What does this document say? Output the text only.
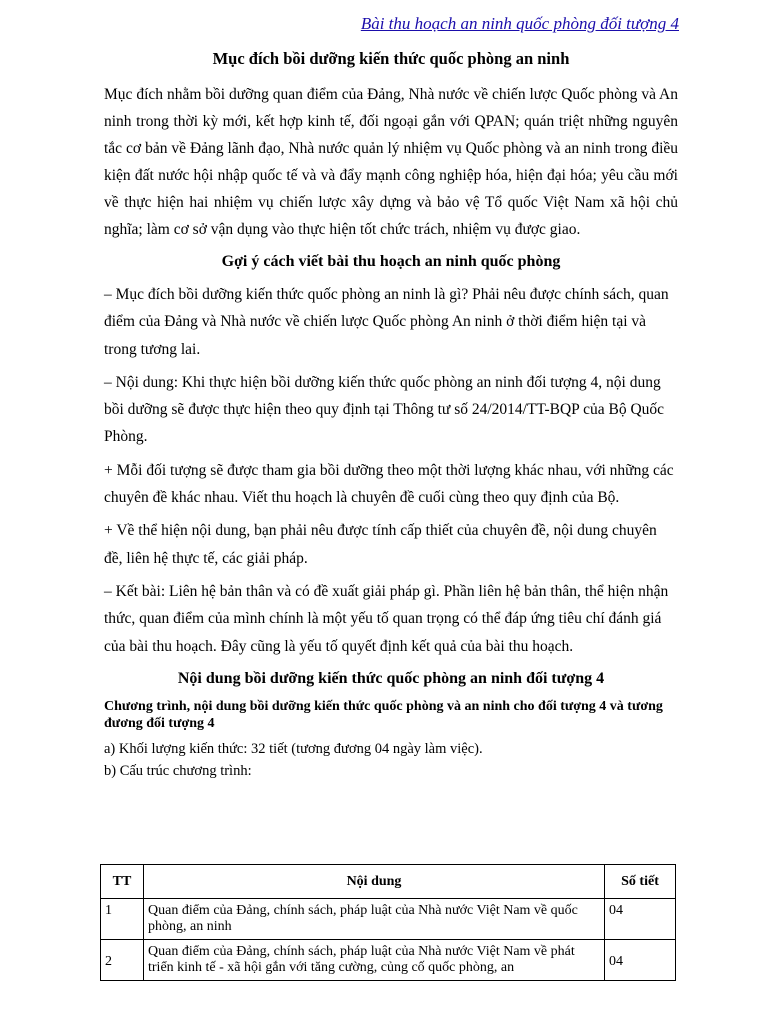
Bài thu hoạch an ninh quốc phòng đối tượng 4
Mục đích bồi dưỡng kiến thức quốc phòng an ninh

Mục đích nhằm bồi dưỡng quan điểm của Đảng, Nhà nước về chiến lược Quốc phòng và An ninh trong thời kỳ mới, kết hợp kinh tế, đối ngoại gắn với QPAN; quán triệt những nguyên tắc cơ bản về Đảng lãnh đạo, Nhà nước quản lý nhiệm vụ Quốc phòng và an ninh trong điều kiện đất nước hội nhập quốc tế và và đẩy mạnh công nghiệp hóa, hiện đại hóa; yêu cầu mới về thực hiện hai nhiệm vụ chiến lược xây dựng và bảo vệ Tổ quốc Việt Nam xã hội chủ nghĩa; làm cơ sở vận dụng vào thực hiện tốt chức trách, nhiệm vụ được giao.

Gợi ý cách viết bài thu hoạch an ninh quốc phòng

– Mục đích bồi dưỡng kiến thức quốc phòng an ninh là gì? Phải nêu được chính sách, quan điểm của Đảng và Nhà nước về chiến lược Quốc phòng An ninh ở thời điểm hiện tại và trong tương lai.

– Nội dung: Khi thực hiện bồi dưỡng kiến thức quốc phòng an ninh đối tượng 4, nội dung bồi dưỡng sẽ được thực hiện theo quy định tại Thông tư số 24/2014/TT-BQP của Bộ Quốc Phòng.

+ Mỗi đối tượng sẽ được tham gia bồi dưỡng theo một thời lượng khác nhau, với những các chuyên đề khác nhau. Viết thu hoạch là chuyên đề cuối cùng theo quy định của Bộ.

+ Về thể hiện nội dung, bạn phải nêu được tính cấp thiết của chuyên đề, nội dung chuyên đề, liên hệ thực tế, các giải pháp.

– Kết bài: Liên hệ bản thân và có đề xuất giải pháp gì. Phần liên hệ bản thân, thể hiện nhận thức, quan điểm của mình chính là một yếu tố quan trọng có thể đáp ứng tiêu chí đánh giá của bài thu hoạch. Đây cũng là yếu tố quyết định kết quả của bài thu hoạch.

Nội dung bồi dưỡng kiến thức quốc phòng an ninh đối tượng 4
Chương trình, nội dung bồi dưỡng kiến thức quốc phòng và an ninh cho đối tượng 4 và tương đương đối tượng 4

a) Khối lượng kiến thức: 32 tiết (tương đương 04 ngày làm việc).

b) Cấu trúc chương trình:

TT	Nội dung	Số tiết
1	Quan điểm của Đảng, chính sách, pháp luật của Nhà nước Việt Nam về quốc phòng, an ninh	04
2	Quan điểm của Đảng, chính sách, pháp luật của Nhà nước Việt Nam về phát triển kinh tế - xã hội gắn với tăng cường, củng cố quốc phòng, an	04
